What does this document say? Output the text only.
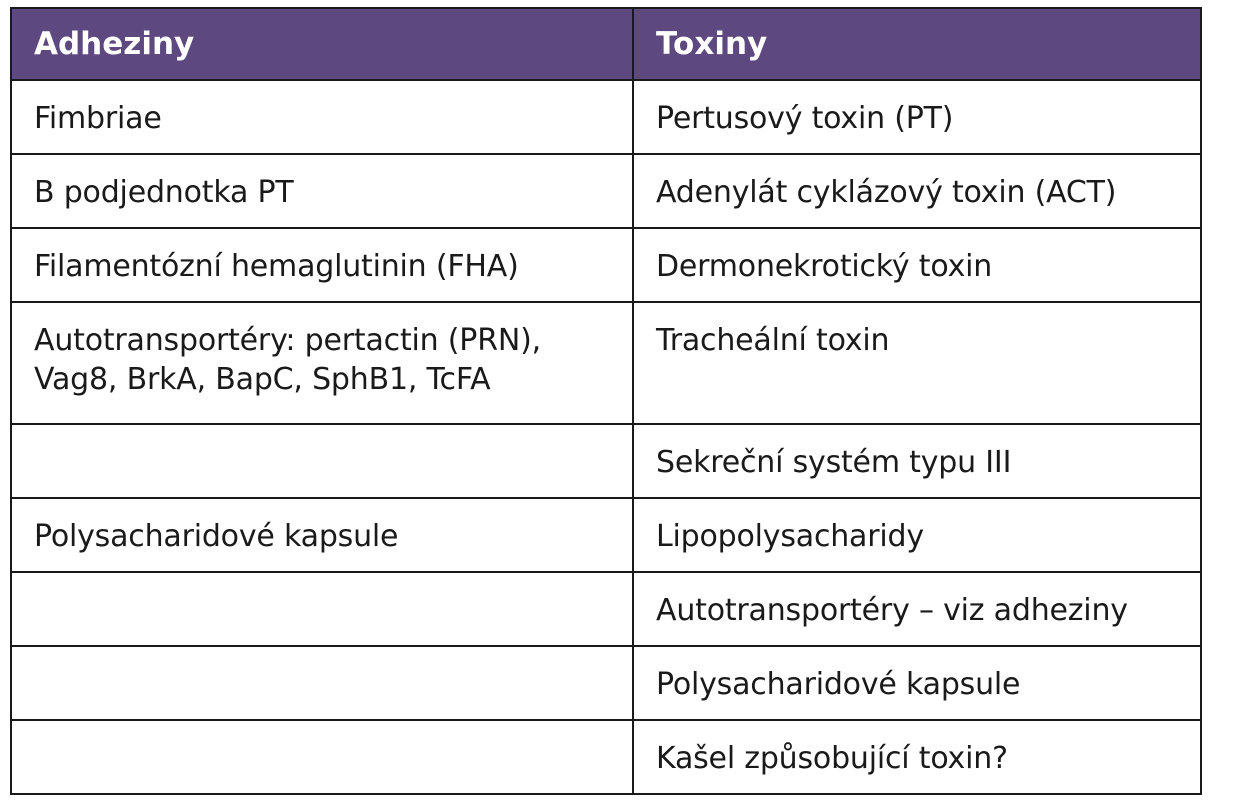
Adheziny	Toxiny

Fimbriae	Pertusový toxin (PT)

B podjednotka PT	Adenylát cyklázový toxin (ACT)

Filamentózní hemaglutinin (FHA)	Dermonekrotický toxin

Autotransportéry: pertactin (PRN), Vag8, BrkA, BapC, SphB1, TcFA	Tracheální toxin

	Sekreční systém typu III

Polysacharidové kapsule	Lipopolysacharidy

	Autotransportéry – viz adheziny

	Polysacharidové kapsule

	Kašel způsobující toxin?
